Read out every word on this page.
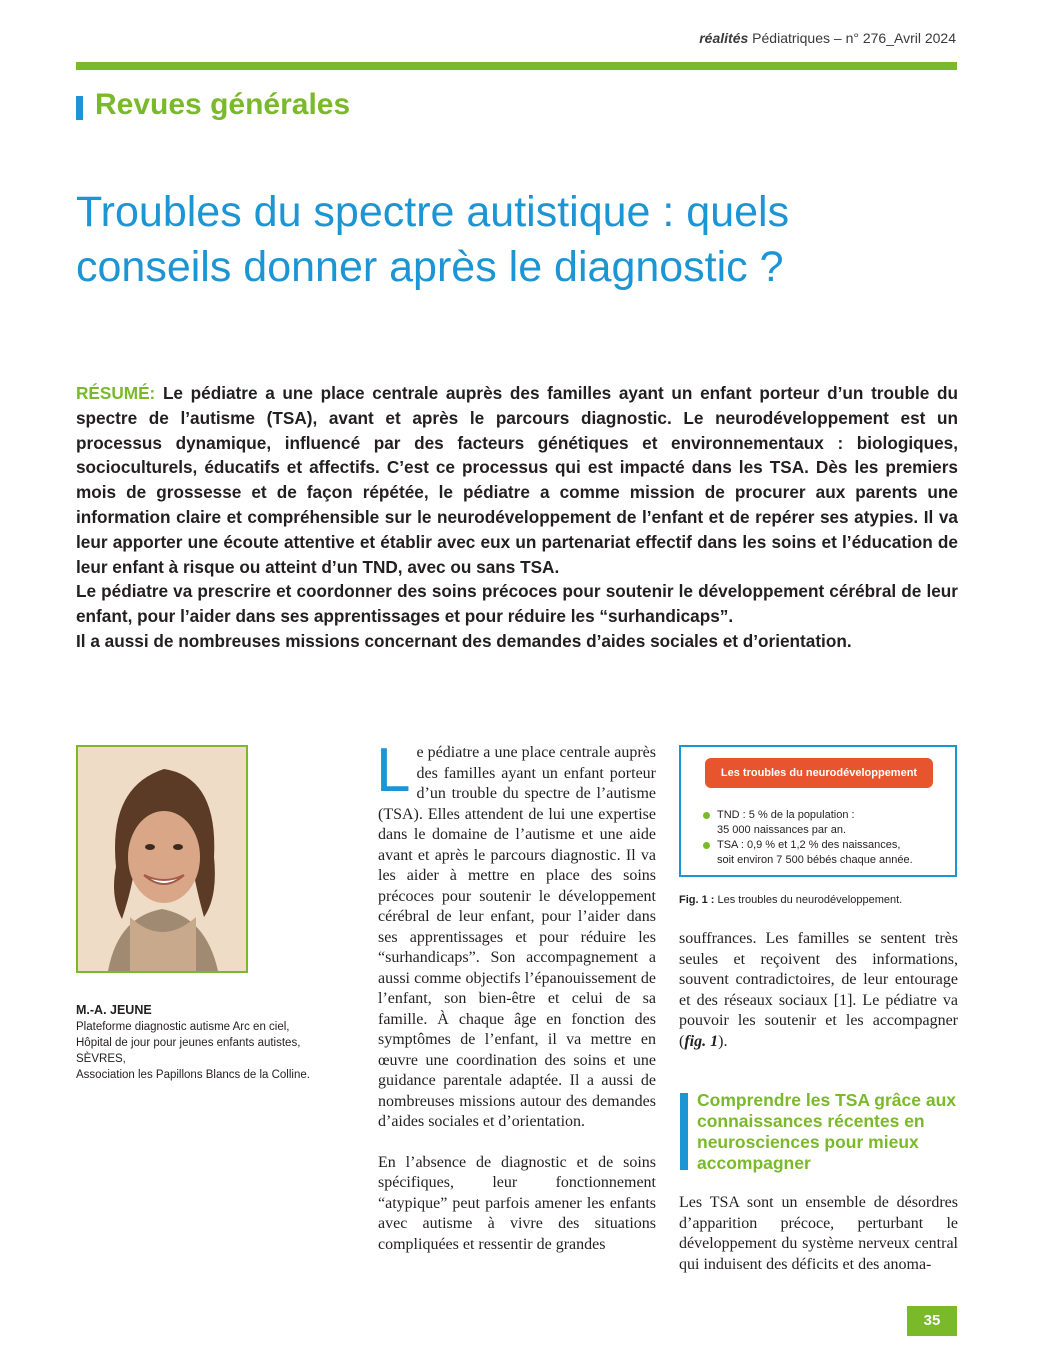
réalités Pédiatriques – n° 276_Avril 2024
Revues générales
Troubles du spectre autistique : quels
conseils donner après le diagnostic ?

RÉSUMÉ: Le pédiatre a une place centrale auprès des familles ayant un enfant porteur d’un trouble du spectre de l’autisme (TSA), avant et après le parcours diagnostic. Le neurodéveloppement est un processus dynamique, influencé par des facteurs génétiques et environnementaux : biologiques, socioculturels, éducatifs et affectifs. C’est ce processus qui est impacté dans les TSA. Dès les premiers mois de grossesse et de façon répétée, le pédiatre a comme mission de procurer aux parents une information claire et compréhensible sur le neurodéveloppement de l’enfant et de repérer ses atypies. Il va leur apporter une écoute attentive et établir avec eux un partenariat effectif dans les soins et l’éducation de leur enfant à risque ou atteint d’un TND, avec ou sans TSA.

Le pédiatre va prescrire et coordonner des soins précoces pour soutenir le développement cérébral de leur enfant, pour l’aider dans ses apprentissages et pour réduire les “surhandicaps”.

Il a aussi de nombreuses missions concernant des demandes d’aides sociales et d’orientation.

M.-A. JEUNE
Plateforme diagnostic autisme Arc en ciel,
Hôpital de jour pour jeunes enfants autistes,
SÈVRES,
Association les Papillons Blancs de la Colline.

Le pédiatre a une place centrale auprès des familles ayant un enfant porteur d’un trouble du spectre de l’autisme (TSA). Elles attendent de lui une expertise dans le domaine de l’autisme et une aide avant et après le parcours diagnostic. Il va les aider à mettre en place des soins précoces pour soutenir le développement cérébral de leur enfant, pour l’aider dans ses apprentissages et pour réduire les “surhandicaps”. Son accompagnement a aussi comme objectifs l’épanouissement de l’enfant, son bien-être et celui de sa famille. À chaque âge en fonction des symptômes de l’enfant, il va mettre en œuvre une coordination des soins et une guidance parentale adaptée. Il a aussi de nombreuses missions autour des demandes d’aides sociales et d’orientation.

En l’absence de diagnostic et de soins spécifiques, leur fonctionnement “atypique” peut parfois amener les enfants avec autisme à vivre des situations compliquées et ressentir de grandes

Les troubles du neurodéveloppement
TND : 5 % de la population :
35 000 naissances par an.
TSA : 0,9 % et 1,2 % des naissances,
soit environ 7 500 bébés chaque année.
Fig. 1 : Les troubles du neurodéveloppement.

souffrances. Les familles se sentent très seules et reçoivent des informations, souvent contradictoires, de leur entourage et des réseaux sociaux [1]. Le pédiatre va pouvoir les soutenir et les accompagner (fig. 1).

Comprendre les TSA grâce aux connaissances récentes en neurosciences pour mieux accompagner

Les TSA sont un ensemble de désordres d’apparition précoce, perturbant le développement du système nerveux central qui induisent des déficits et des anoma-

35
